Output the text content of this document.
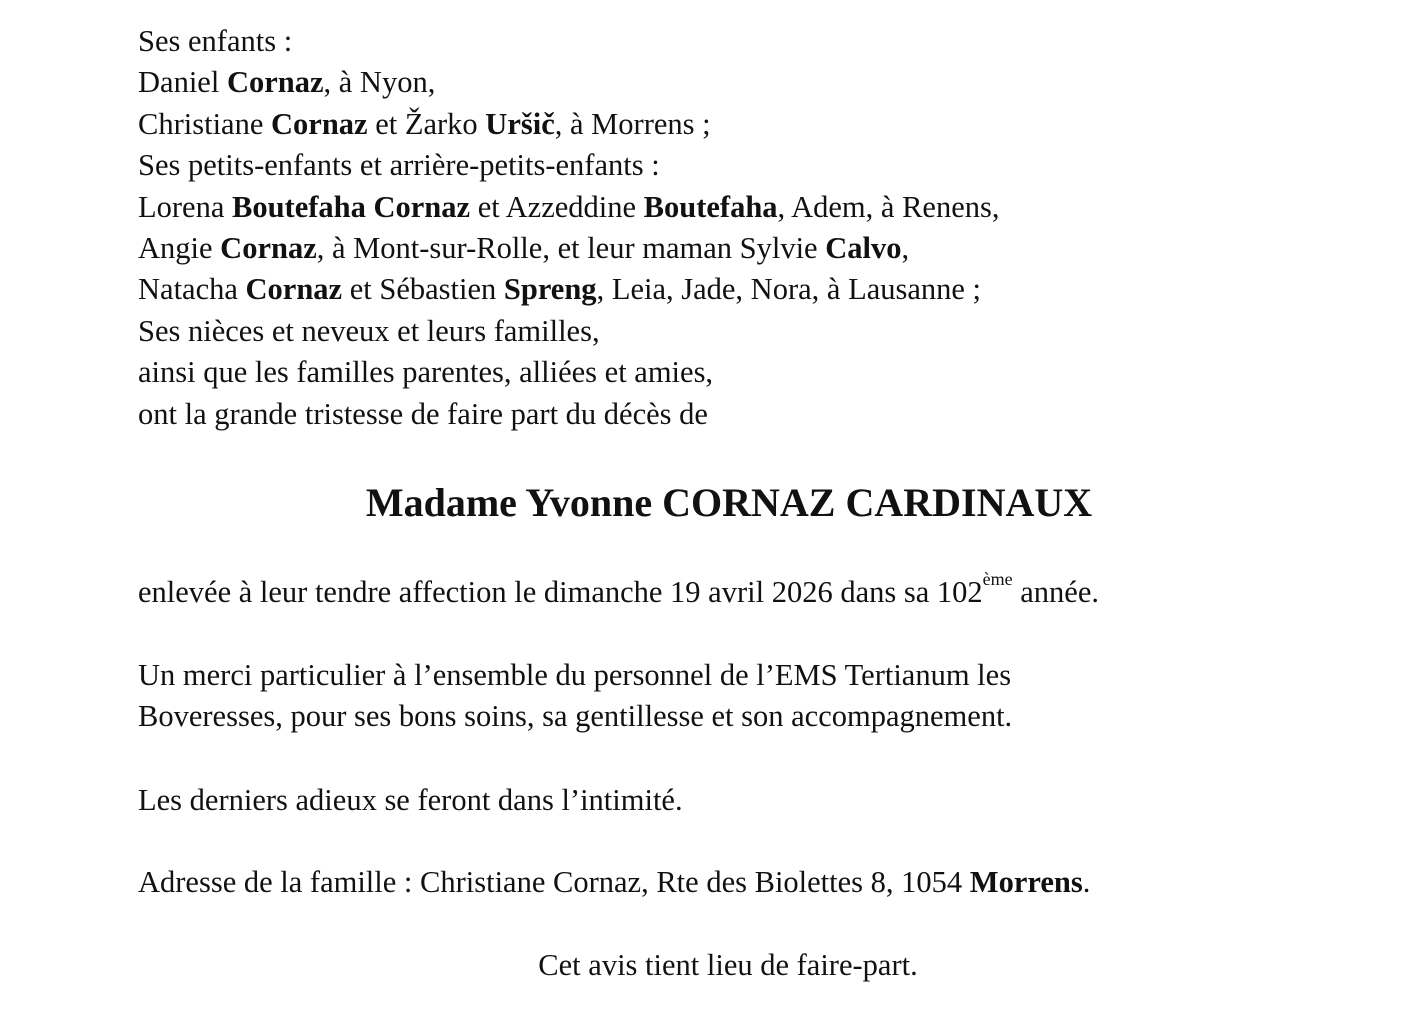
Ses enfants :
Daniel Cornaz, à Nyon,
Christiane Cornaz et Žarko Uršič, à Morrens ;
Ses petits-enfants et arrière-petits-enfants :
Lorena Boutefaha Cornaz et Azzeddine Boutefaha, Adem, à Renens,
Angie Cornaz, à Mont-sur-Rolle, et leur maman Sylvie Calvo,
Natacha Cornaz et Sébastien Spreng, Leia, Jade, Nora, à Lausanne ;
Ses nièces et neveux et leurs familles,
ainsi que les familles parentes, alliées et amies,
ont la grande tristesse de faire part du décès de
Madame Yvonne CORNAZ CARDINAUX
enlevée à leur tendre affection le dimanche 19 avril 2026 dans sa 102ème année.
Un merci particulier à l’ensemble du personnel de l’EMS Tertianum les
Boveresses, pour ses bons soins, sa gentillesse et son accompagnement.
Les derniers adieux se feront dans l’intimité.
Adresse de la famille : Christiane Cornaz, Rte des Biolettes 8, 1054 Morrens.
Cet avis tient lieu de faire-part.
